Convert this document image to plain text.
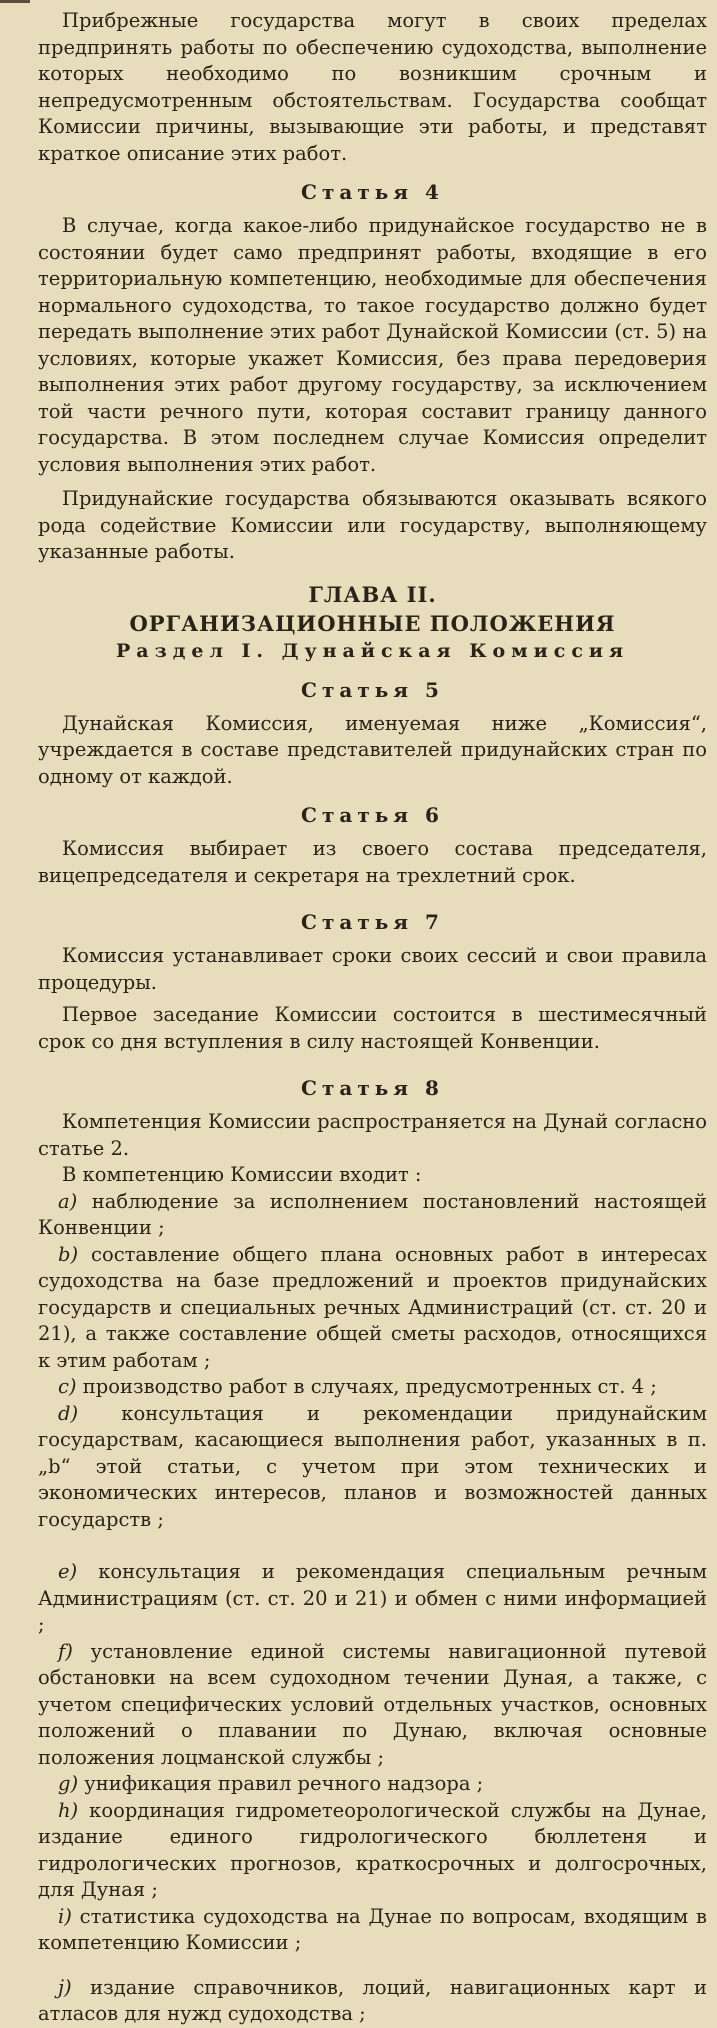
Прибрежные государства могут в своих пределах предпринять работы по обеспечению судоходства, выполнение которых необходимо по возникшим срочным и непредусмотренным обстоятельствам. Государства сообщат Комиссии причины, вызывающие эти работы, и представят краткое описание этих работ.

Статья 4

В случае, когда какое-либо придунайское государство не в состоянии будет само предпринят работы, входящие в его территориальную компетенцию, необходимые для обеспечения нормального судоходства, то такое государство должно будет передать выполнение этих работ Дунайской Комиссии (ст. 5) на условиях, которые укажет Комиссия, без права передоверия выполнения этих работ другому государству, за исключением той части речного пути, которая составит границу данного государства. В этом последнем случае Комиссия определит условия выполнения этих работ.

Придунайские государства обязываются оказывать всякого рода содействие Комиссии или государству, выполняющему указанные работы.

ГЛАВА II.
ОРГАНИЗАЦИОННЫЕ ПОЛОЖЕНИЯ
Раздел I. Дунайская Комиссия
Статья 5

Дунайская Комиссия, именуемая ниже „Комиссия“, учреждается в составе представителей придунайских стран по одному от каждой.

Статья 6

Комиссия выбирает из своего состава председателя, вицепредседателя и секретаря на трехлетний срок.

Статья 7

Комиссия устанавливает сроки своих сессий и свои правила процедуры.

Первое заседание Комиссии состоится в шестимесячный срок со дня вступления в силу настоящей Конвенции.

Статья 8

Компетенция Комиссии распространяется на Дунай согласно статье 2.

В компетенцию Комиссии входит :

а) наблюдение за исполнением постановлений настоящей Конвенции ;

b) составление общего плана основных работ в интересах судоходства на базе предложений и проектов придунайских государств и специальных речных Администраций (ст. ст. 20 и 21), а также составление общей сметы расходов, относящихся к этим работам ;

c) производство работ в случаях, предусмотренных ст. 4 ;

d) консультация и рекомендации придунайским государствам, касающиеся выполнения работ, указанных в п. „b“ этой статьи, с учетом при этом технических и экономических интересов, планов и возможностей данных государств ;

e) консультация и рекомендация специальным речным Администрациям (ст. ст. 20 и 21) и обмен с ними информацией ;

f) установление единой системы навигационной путевой обстановки на всем судоходном течении Дуная, а также, с учетом специфических условий отдельных участков, основных положений о плавании по Дунаю, включая основные положения лоцманской службы ;

g) унификация правил речного надзора ;

h) координация гидрометеорологической службы на Дунае, издание единого гидрологического бюллетеня и гидрологических прогнозов, краткосрочных и долгосрочных, для Дуная ;

i) статистика судоходства на Дунае по вопросам, входящим в компетенцию Комиссии ;

j) издание справочников, лоций, навигационных карт и атласов для нужд судоходства ;
